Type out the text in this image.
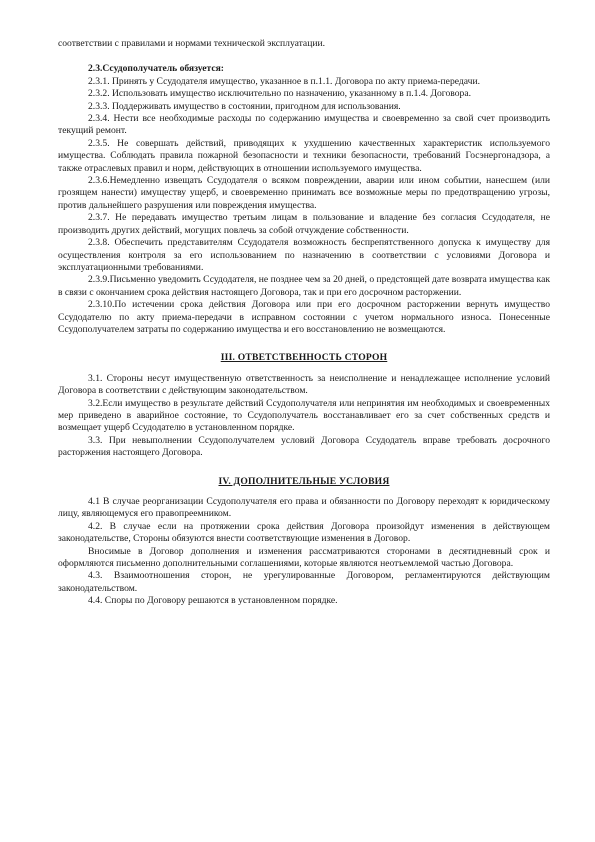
соответствии с правилами и нормами технической эксплуатации.

2.3.Ссудополучатель обязуется:

2.3.1. Принять у Ссудодателя имущество, указанное в п.1.1. Договора по акту приема-передачи.

2.3.2. Использовать имущество исключительно по назначению, указанному в п.1.4. Договора.

2.3.3. Поддерживать имущество в состоянии, пригодном для использования.

2.3.4. Нести все необходимые расходы по содержанию имущества и своевременно за свой счет производить текущий ремонт.

2.3.5. Не совершать действий, приводящих к ухудшению качественных характеристик используемого имущества. Соблюдать правила пожарной безопасности и техники безопасности, требований Госэнергонадзора, а также отраслевых правил и норм, действующих в отношении используемого имущества.

2.3.6.Немедленно извещать Ссудодателя о всяком повреждении, аварии или ином событии, нанесшем (или грозящем нанести) имуществу ущерб, и своевременно принимать все возможные меры по предотвращению угрозы, против дальнейшего разрушения или повреждения имущества.

2.3.7. Не передавать имущество третьим лицам в пользование и владение без согласия Ссудодателя, не производить других действий, могущих повлечь за собой отчуждение собственности.

2.3.8. Обеспечить представителям Ссудодателя возможность беспрепятственного допуска к имуществу для осуществления контроля за его использованием по назначению в соответствии с условиями Договора и эксплуатационными требованиями.

2.3.9.Письменно уведомить Ссудодателя, не позднее чем за 20 дней, о предстоящей дате возврата имущества как в связи с окончанием срока действия настоящего Договора, так и при его досрочном расторжении.

2.3.10.По истечении срока действия Договора или при его досрочном расторжении вернуть имущество Ссудодателю по акту приема-передачи в исправном состоянии с учетом нормального износа. Понесенные Ссудополучателем затраты по содержанию имущества и его восстановлению не возмещаются.

III. ОТВЕТСТВЕННОСТЬ СТОРОН

3.1. Стороны несут имущественную ответственность за неисполнение и ненадлежащее исполнение условий Договора в соответствии с действующим законодательством.

3.2.Если имущество в результате действий Ссудополучателя или непринятия им необходимых и своевременных мер приведено в аварийное состояние, то Ссудополучатель восстанавливает его за счет собственных средств и возмещает ущерб Ссудодателю в установленном порядке.

3.3. При невыполнении Ссудополучателем условий Договора Ссудодатель вправе требовать досрочного расторжения настоящего Договора.

IV. ДОПОЛНИТЕЛЬНЫЕ УСЛОВИЯ

4.1 В случае реорганизации Ссудополучателя его права и обязанности по Договору переходят к юридическому лицу, являющемуся его правопреемником.

4.2. В случае если на протяжении срока действия Договора произойдут изменения в действующем законодательстве, Стороны обязуются внести соответствующие изменения в Договор.

Вносимые в Договор дополнения и изменения рассматриваются сторонами в десятидневный срок и оформляются письменно дополнительными соглашениями, которые являются неотъемлемой частью Договора.

4.3. Взаимоотношения сторон, не урегулированные Договором, регламентируются действующим законодательством.

4.4. Споры по Договору решаются в установленном порядке.
